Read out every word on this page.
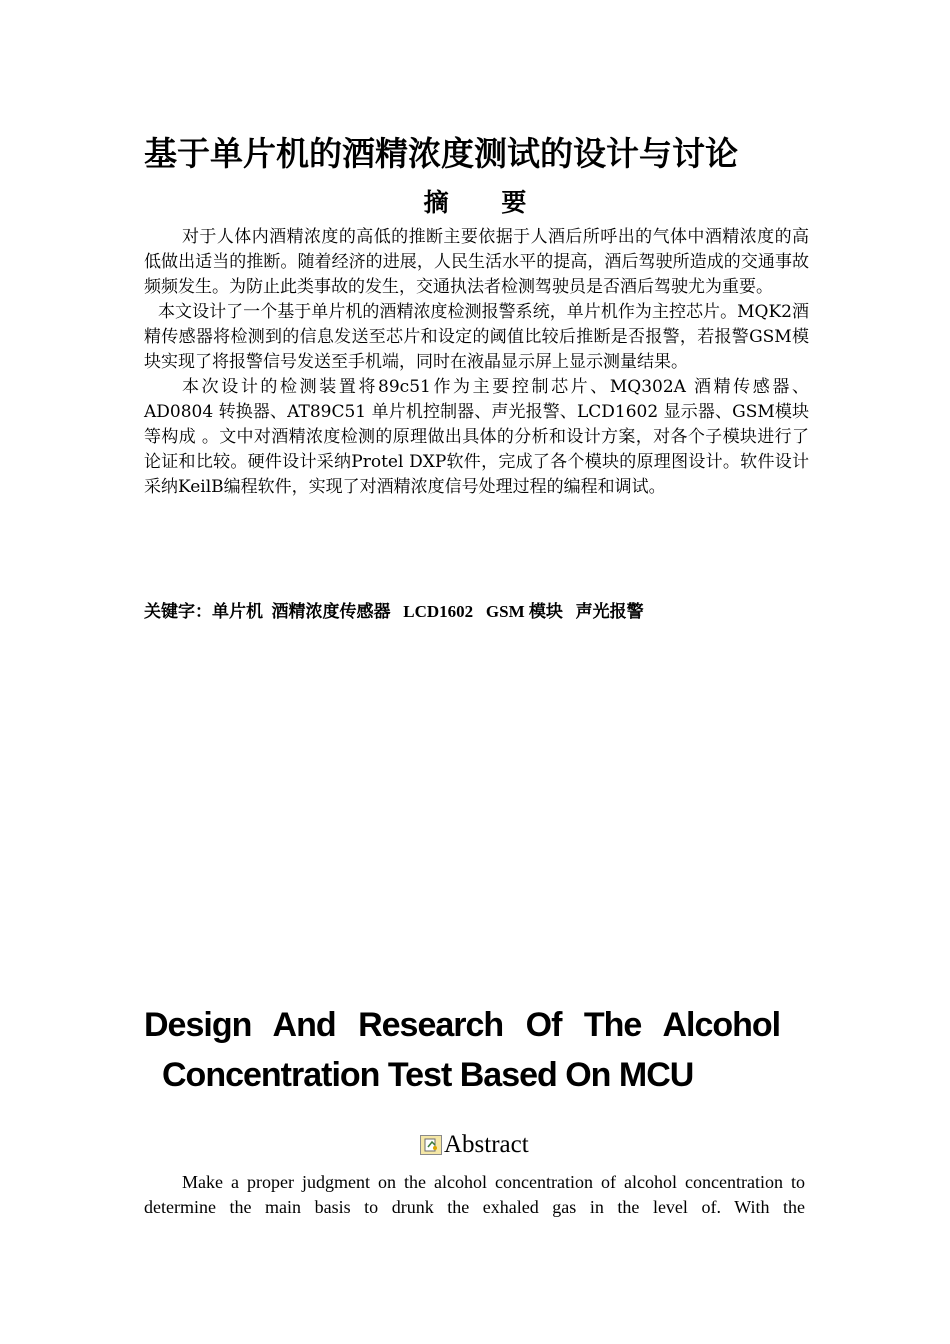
基于单片机的酒精浓度测试的设计与讨论
摘 要

对于人体内酒精浓度的高低的推断主要依据于人酒后所呼出的气体中酒精浓度的高低做出适当的推断。随着经济的进展，人民生活水平的提高，酒后驾驶所造成的交通事故频频发生。为防止此类事故的发生，交通执法者检测驾驶员是否酒后驾驶尤为重要。

本文设计了一个基于单片机的酒精浓度检测报警系统，单片机作为主控芯片。MQK2酒精传感器将检测到的信息发送至芯片和设定的阈值比较后推断是否报警，若报警GSM模块实现了将报警信号发送至手机端，同时在液晶显示屏上显示测量结果。

本次设计的检测装置将89c51作为主要控制芯片、MQ302A 酒精传感器、AD0804 转换器、AT89C51 单片机控制器、声光报警、LCD1602 显示器、GSM模块等构成 。文中对酒精浓度检测的原理做出具体的分析和设计方案，对各个子模块进行了论证和比较。硬件设计采纳Protel DXP软件，完成了各个模块的原理图设计。软件设计采纳KeilB编程软件，实现了对酒精浓度信号处理过程的编程和调试。

关键字：单片机  酒精浓度传感器   LCD1602   GSM 模块   声光报警
Design And Research Of The Alcohol
Concentration Test Based On MCU
Abstract

Make a proper judgment on the alcohol concentration of alcohol concentration to determine the main basis to drunk the exhaled gas in the level of. With the
